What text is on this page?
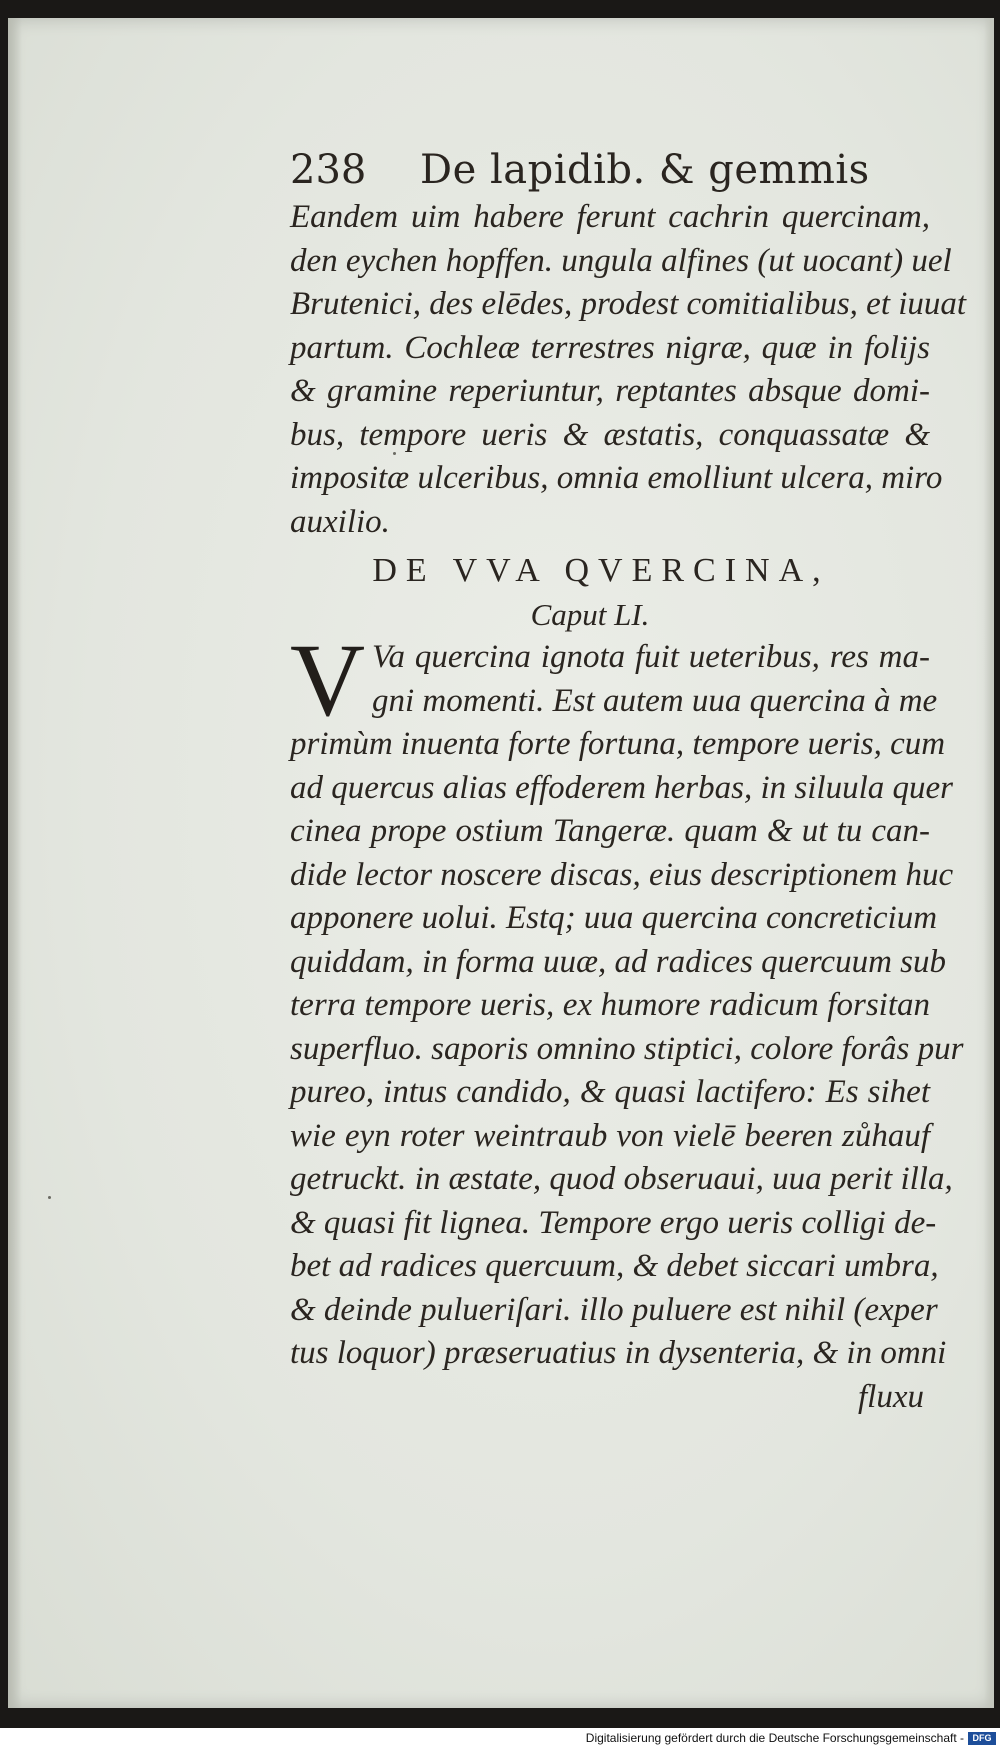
238	De lapidib. & gemmis
Eandem uim habere ferunt cachrin quercinam,
den eychen hopffen. ungula alfines (ut uocant) uel
Brutenici, des elēdes, prodest comitialibus, et iuuat
partum. Cochleæ terrestres nigræ, quæ in folijs
& gramine reperiuntur, reptantes absque domi-
bus, tempore ueris & æstatis, conquassatæ &
impositæ ulceribus, omnia emolliunt ulcera, miro
auxilio.
DE VVA QVERCINA,
Caput LI.
V Va quercina ignota fuit ueteribus, res ma-
gni momenti. Est autem uua quercina à me
primùm inuenta forte fortuna, tempore ueris, cum
ad quercus alias effoderem herbas, in siluula quer
cinea prope ostium Tangeræ. quam & ut tu can-
dide lector noscere discas, eius descriptionem huc
apponere uolui. Estq; uua quercina concreticium
quiddam, in forma uuæ, ad radices quercuum sub
terra tempore ueris, ex humore radicum forsitan
superfluo. saporis omnino stiptici, colore forâs pur
pureo, intus candido, & quasi lactifero: Es sihet
wie eyn roter weintraub von vielē beeren zůhauf
getruckt. in æstate, quod obseruaui, uua perit illa,
& quasi fit lignea. Tempore ergo ueris colligi de-
bet ad radices quercuum, & debet siccari umbra,
& deinde pulueriſari. illo puluere est nihil (exper
tus loquor) præseruatius in dysenteria, & in omni
fluxu
Digitalisierung gefördert durch die Deutsche Forschungsgemeinschaft - DFG
